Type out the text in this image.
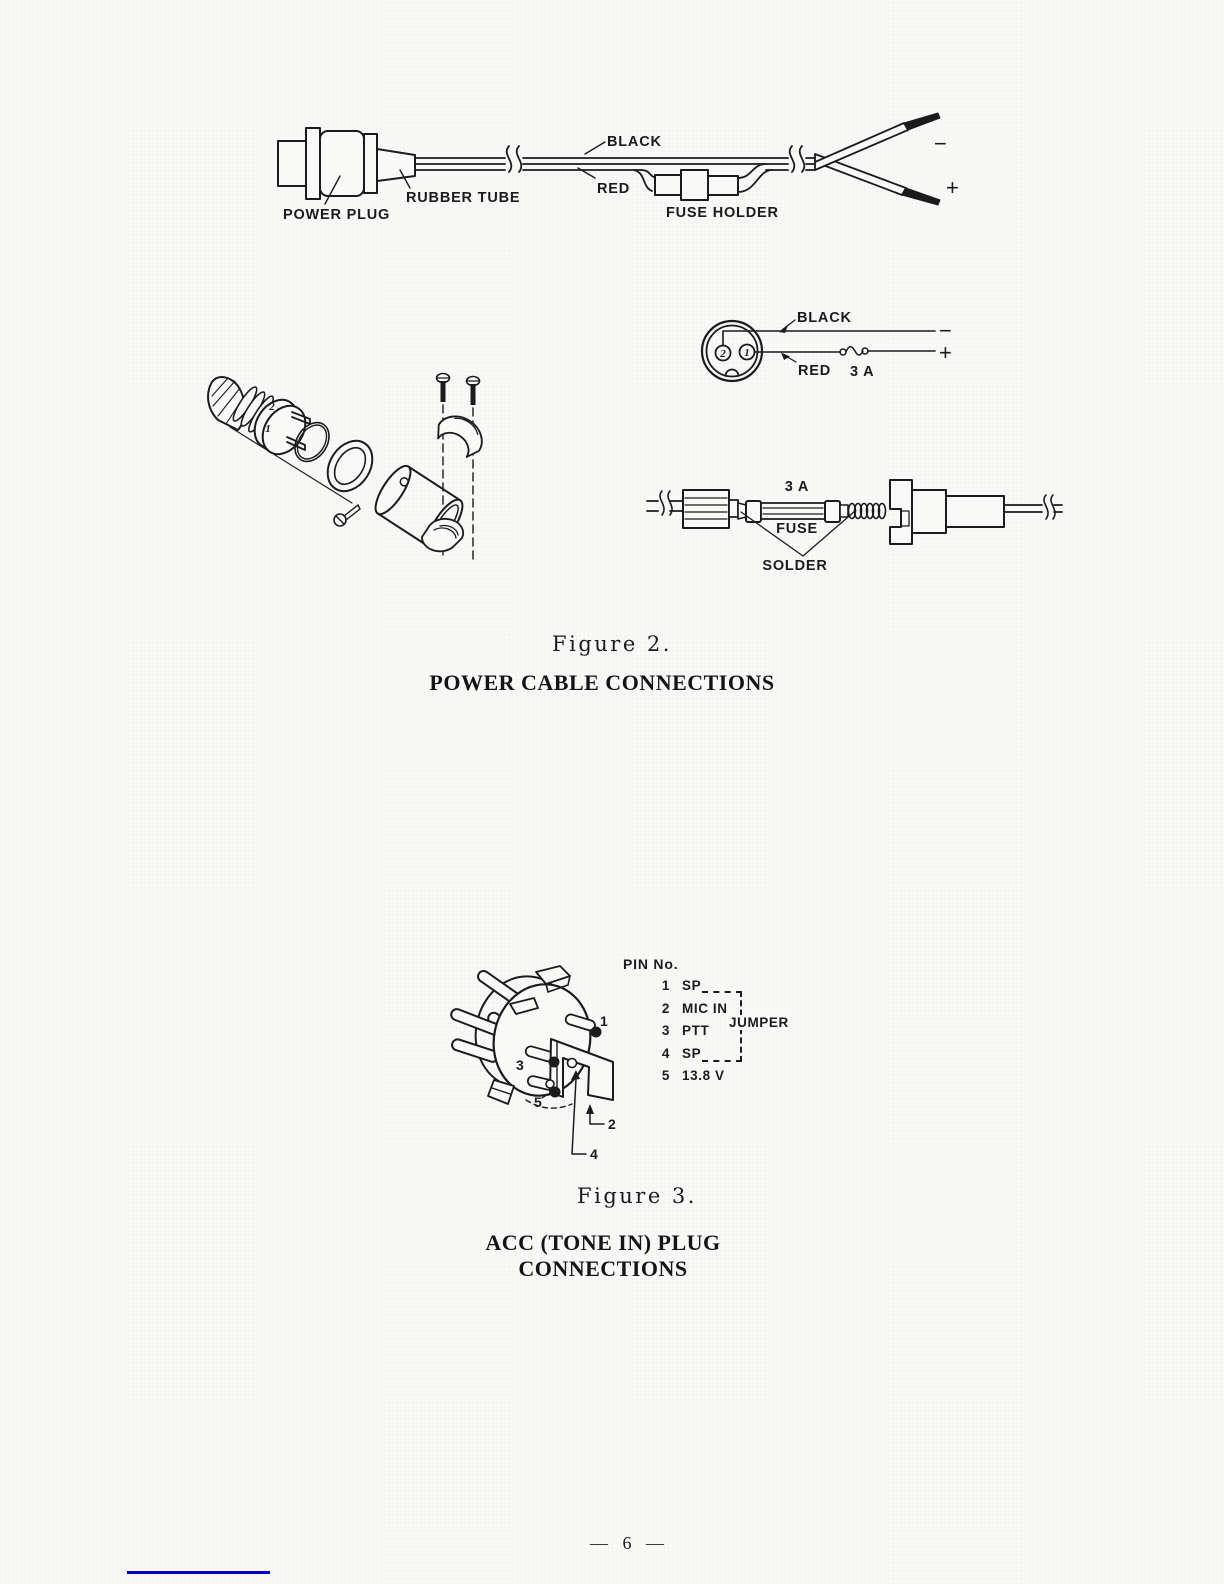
BLACK
RED
POWER PLUG
RUBBER TUBE
FUSE HOLDER
−
+
2
1
2 1
BLACK
RED 3 A
−
+
3 A
FUSE
SOLDER
Figure 2.
POWER CABLE CONNECTIONS
1
3
5
2
4
PIN No.
1 SP
2 MIC IN
3 PTT
4 SP
5 13.8 V
JUMPER
Figure 3.
ACC (TONE IN) PLUG CONNECTIONS
— 6 —
